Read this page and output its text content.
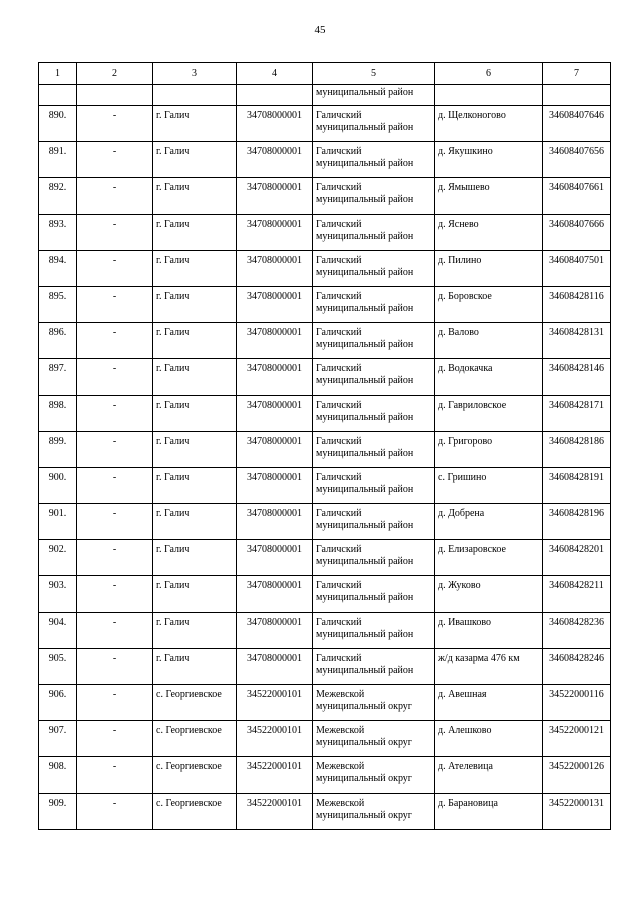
45
1	2	3	4	5	6	7
				муниципальный район		
890.	-	г. Галич	34708000001	Галичский муниципальный район	д. Щелконогово	34608407646
891.	-	г. Галич	34708000001	Галичский муниципальный район	д. Якушкино	34608407656
892.	-	г. Галич	34708000001	Галичский муниципальный район	д. Ямышево	34608407661
893.	-	г. Галич	34708000001	Галичский муниципальный район	д. Яснево	34608407666
894.	-	г. Галич	34708000001	Галичский муниципальный район	д. Пилино	34608407501
895.	-	г. Галич	34708000001	Галичский муниципальный район	д. Боровское	34608428116
896.	-	г. Галич	34708000001	Галичский муниципальный район	д. Валово	34608428131
897.	-	г. Галич	34708000001	Галичский муниципальный район	д. Водокачка	34608428146
898.	-	г. Галич	34708000001	Галичский муниципальный район	д. Гавриловское	34608428171
899.	-	г. Галич	34708000001	Галичский муниципальный район	д. Григорово	34608428186
900.	-	г. Галич	34708000001	Галичский муниципальный район	с. Гришино	34608428191
901.	-	г. Галич	34708000001	Галичский муниципальный район	д. Добрена	34608428196
902.	-	г. Галич	34708000001	Галичский муниципальный район	д. Елизаровское	34608428201
903.	-	г. Галич	34708000001	Галичский муниципальный район	д. Жуково	34608428211
904.	-	г. Галич	34708000001	Галичский муниципальный район	д. Ивашково	34608428236
905.	-	г. Галич	34708000001	Галичский муниципальный район	ж/д казарма 476 км	34608428246
906.	-	с. Георгиевское	34522000101	Межевской муниципальный округ	д. Авешная	34522000116
907.	-	с. Георгиевское	34522000101	Межевской муниципальный округ	д. Алешково	34522000121
908.	-	с. Георгиевское	34522000101	Межевской муниципальный округ	д. Ателевица	34522000126
909.	-	с. Георгиевское	34522000101	Межевской муниципальный округ	д. Барановица	34522000131
